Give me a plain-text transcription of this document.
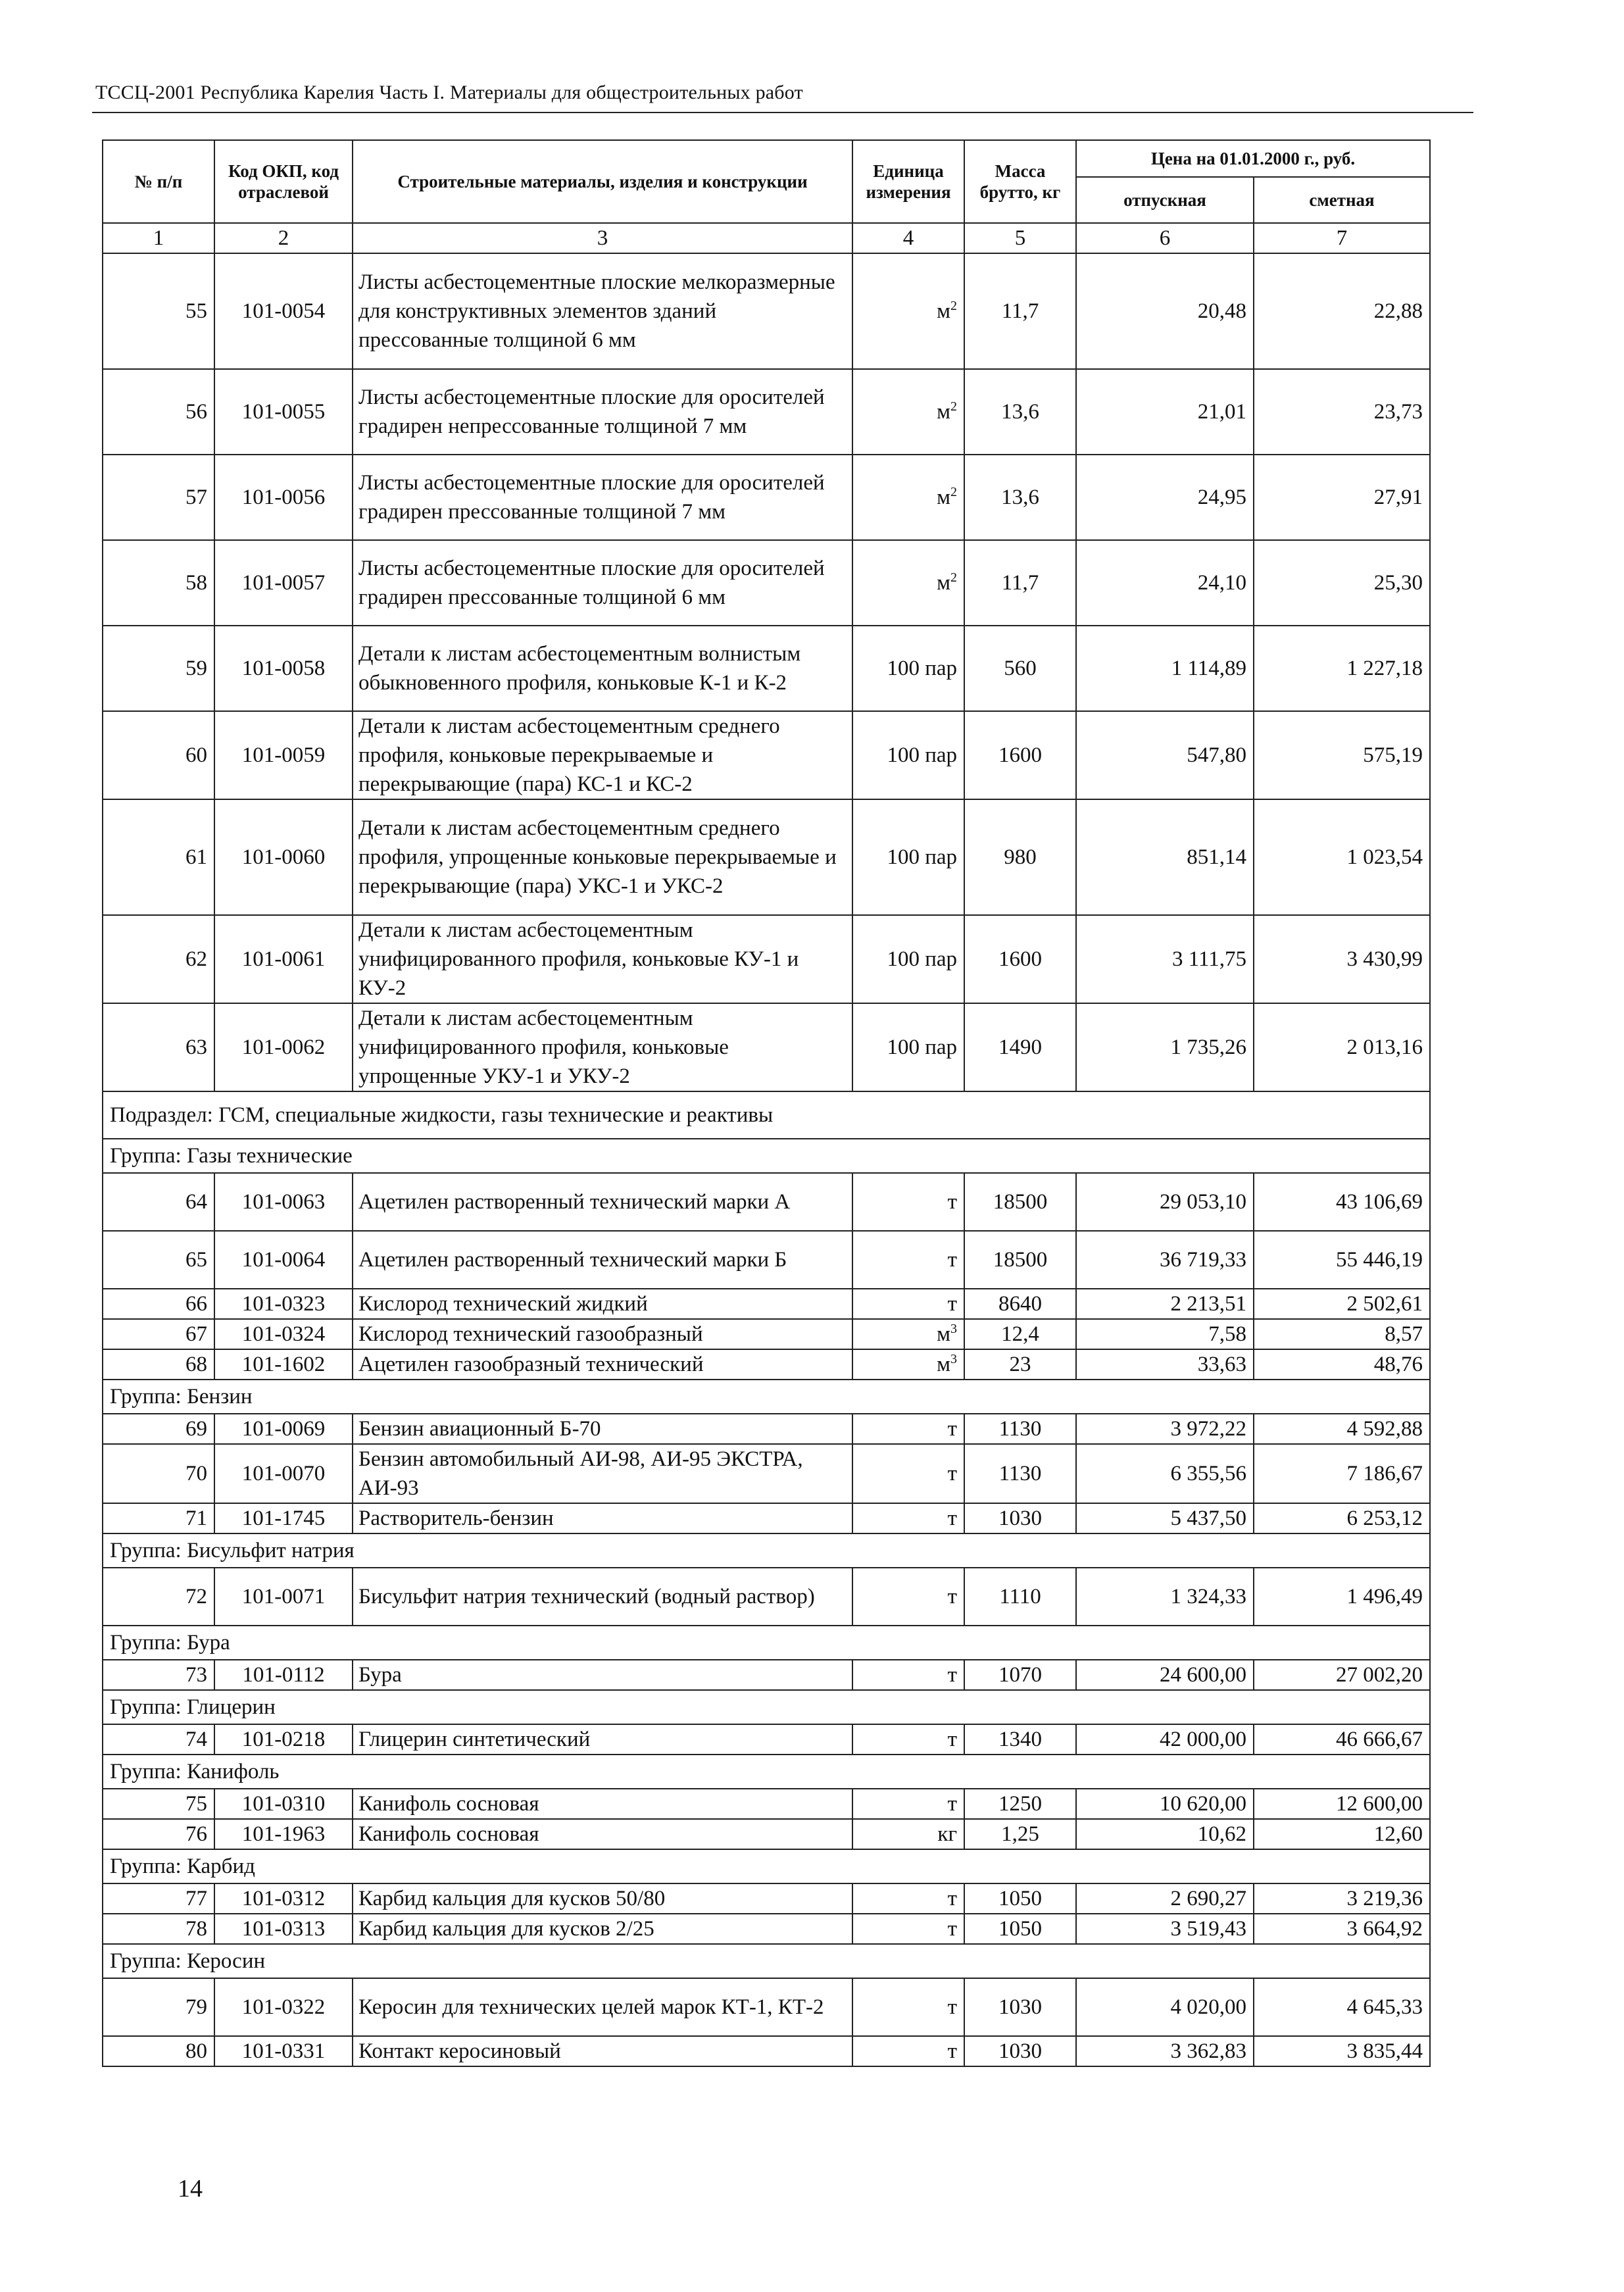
ТССЦ-2001 Республика Карелия Часть I. Материалы для общестроительных работ
№ п/п	Код ОКП, код отраслевой	Строительные материалы, изделия и конструкции	Единица измерения	Масса брутто, кг	Цена на 01.01.2000 г., руб.	
					отпускная	сметная
1	2	3	4	5	6	7
55	101-0054	Листы асбестоцементные плоские мелкоразмерные для конструктивных элементов зданий прессованные толщиной 6 мм	$м^2$	11,7	20,48	22,88
56	101-0055	Листы асбестоцементные плоские для оросителей градирен непрессованные толщиной 7 мм	$м^2$	13,6	21,01	23,73
57	101-0056	Листы асбестоцементные плоские для оросителей градирен прессованные толщиной 7 мм	$м^2$	13,6	24,95	27,91
58	101-0057	Листы асбестоцементные плоские для оросителей градирен прессованные толщиной 6 мм	$м^2$	11,7	24,10	25,30
59	101-0058	Детали к листам асбестоцементным волнистым обыкновенного профиля, коньковые К-1 и К-2	100 пар	560	1 114,89	1 227,18
60	101-0059	Детали к листам асбестоцементным среднего профиля, коньковые перекрываемые и перекрывающие (пара) КС-1 и КС-2	100 пар	1600	547,80	575,19
61	101-0060	Детали к листам асбестоцементным среднего профиля, упрощенные коньковые перекрываемые и перекрывающие (пара) УКС-1 и УКС-2	100 пар	980	851,14	1 023,54
62	101-0061	Детали к листам асбестоцементным унифицированного профиля, коньковые КУ-1 и КУ-2	100 пар	1600	3 111,75	3 430,99
63	101-0062	Детали к листам асбестоцементным унифицированного профиля, коньковые упрощенные УКУ-1 и УКУ-2	100 пар	1490	1 735,26	2 013,16
Подраздел: ГСМ, специальные жидкости, газы технические и реактивы						
Группа: Газы технические						
64	101-0063	Ацетилен растворенный технический марки А	т	18500	29 053,10	43 106,69
65	101-0064	Ацетилен растворенный технический марки Б	т	18500	36 719,33	55 446,19
66	101-0323	Кислород технический жидкий	т	8640	2 213,51	2 502,61
67	101-0324	Кислород технический газообразный	$м^3$	12,4	7,58	8,57
68	101-1602	Ацетилен газообразный технический	$м^3$	23	33,63	48,76
Группа: Бензин						
69	101-0069	Бензин авиационный Б-70	т	1130	3 972,22	4 592,88
70	101-0070	Бензин автомобильный АИ-98, АИ-95 ЭКСТРА, АИ-93	т	1130	6 355,56	7 186,67
71	101-1745	Растворитель-бензин	т	1030	5 437,50	6 253,12
Группа: Бисульфит натрия						
72	101-0071	Бисульфит натрия технический (водный раствор)	т	1110	1 324,33	1 496,49
Группа: Бура						
73	101-0112	Бура	т	1070	24 600,00	27 002,20
Группа: Глицерин						
74	101-0218	Глицерин синтетический	т	1340	42 000,00	46 666,67
Группа: Канифоль						
75	101-0310	Канифоль сосновая	т	1250	10 620,00	12 600,00
76	101-1963	Канифоль сосновая	кг	1,25	10,62	12,60
Группа: Карбид						
77	101-0312	Карбид кальция для кусков 50/80	т	1050	2 690,27	3 219,36
78	101-0313	Карбид кальция для кусков 2/25	т	1050	3 519,43	3 664,92
Группа: Керосин						
79	101-0322	Керосин для технических целей марок КТ-1, КТ-2	т	1030	4 020,00	4 645,33
80	101-0331	Контакт керосиновый	т	1030	3 362,83	3 835,44
14
